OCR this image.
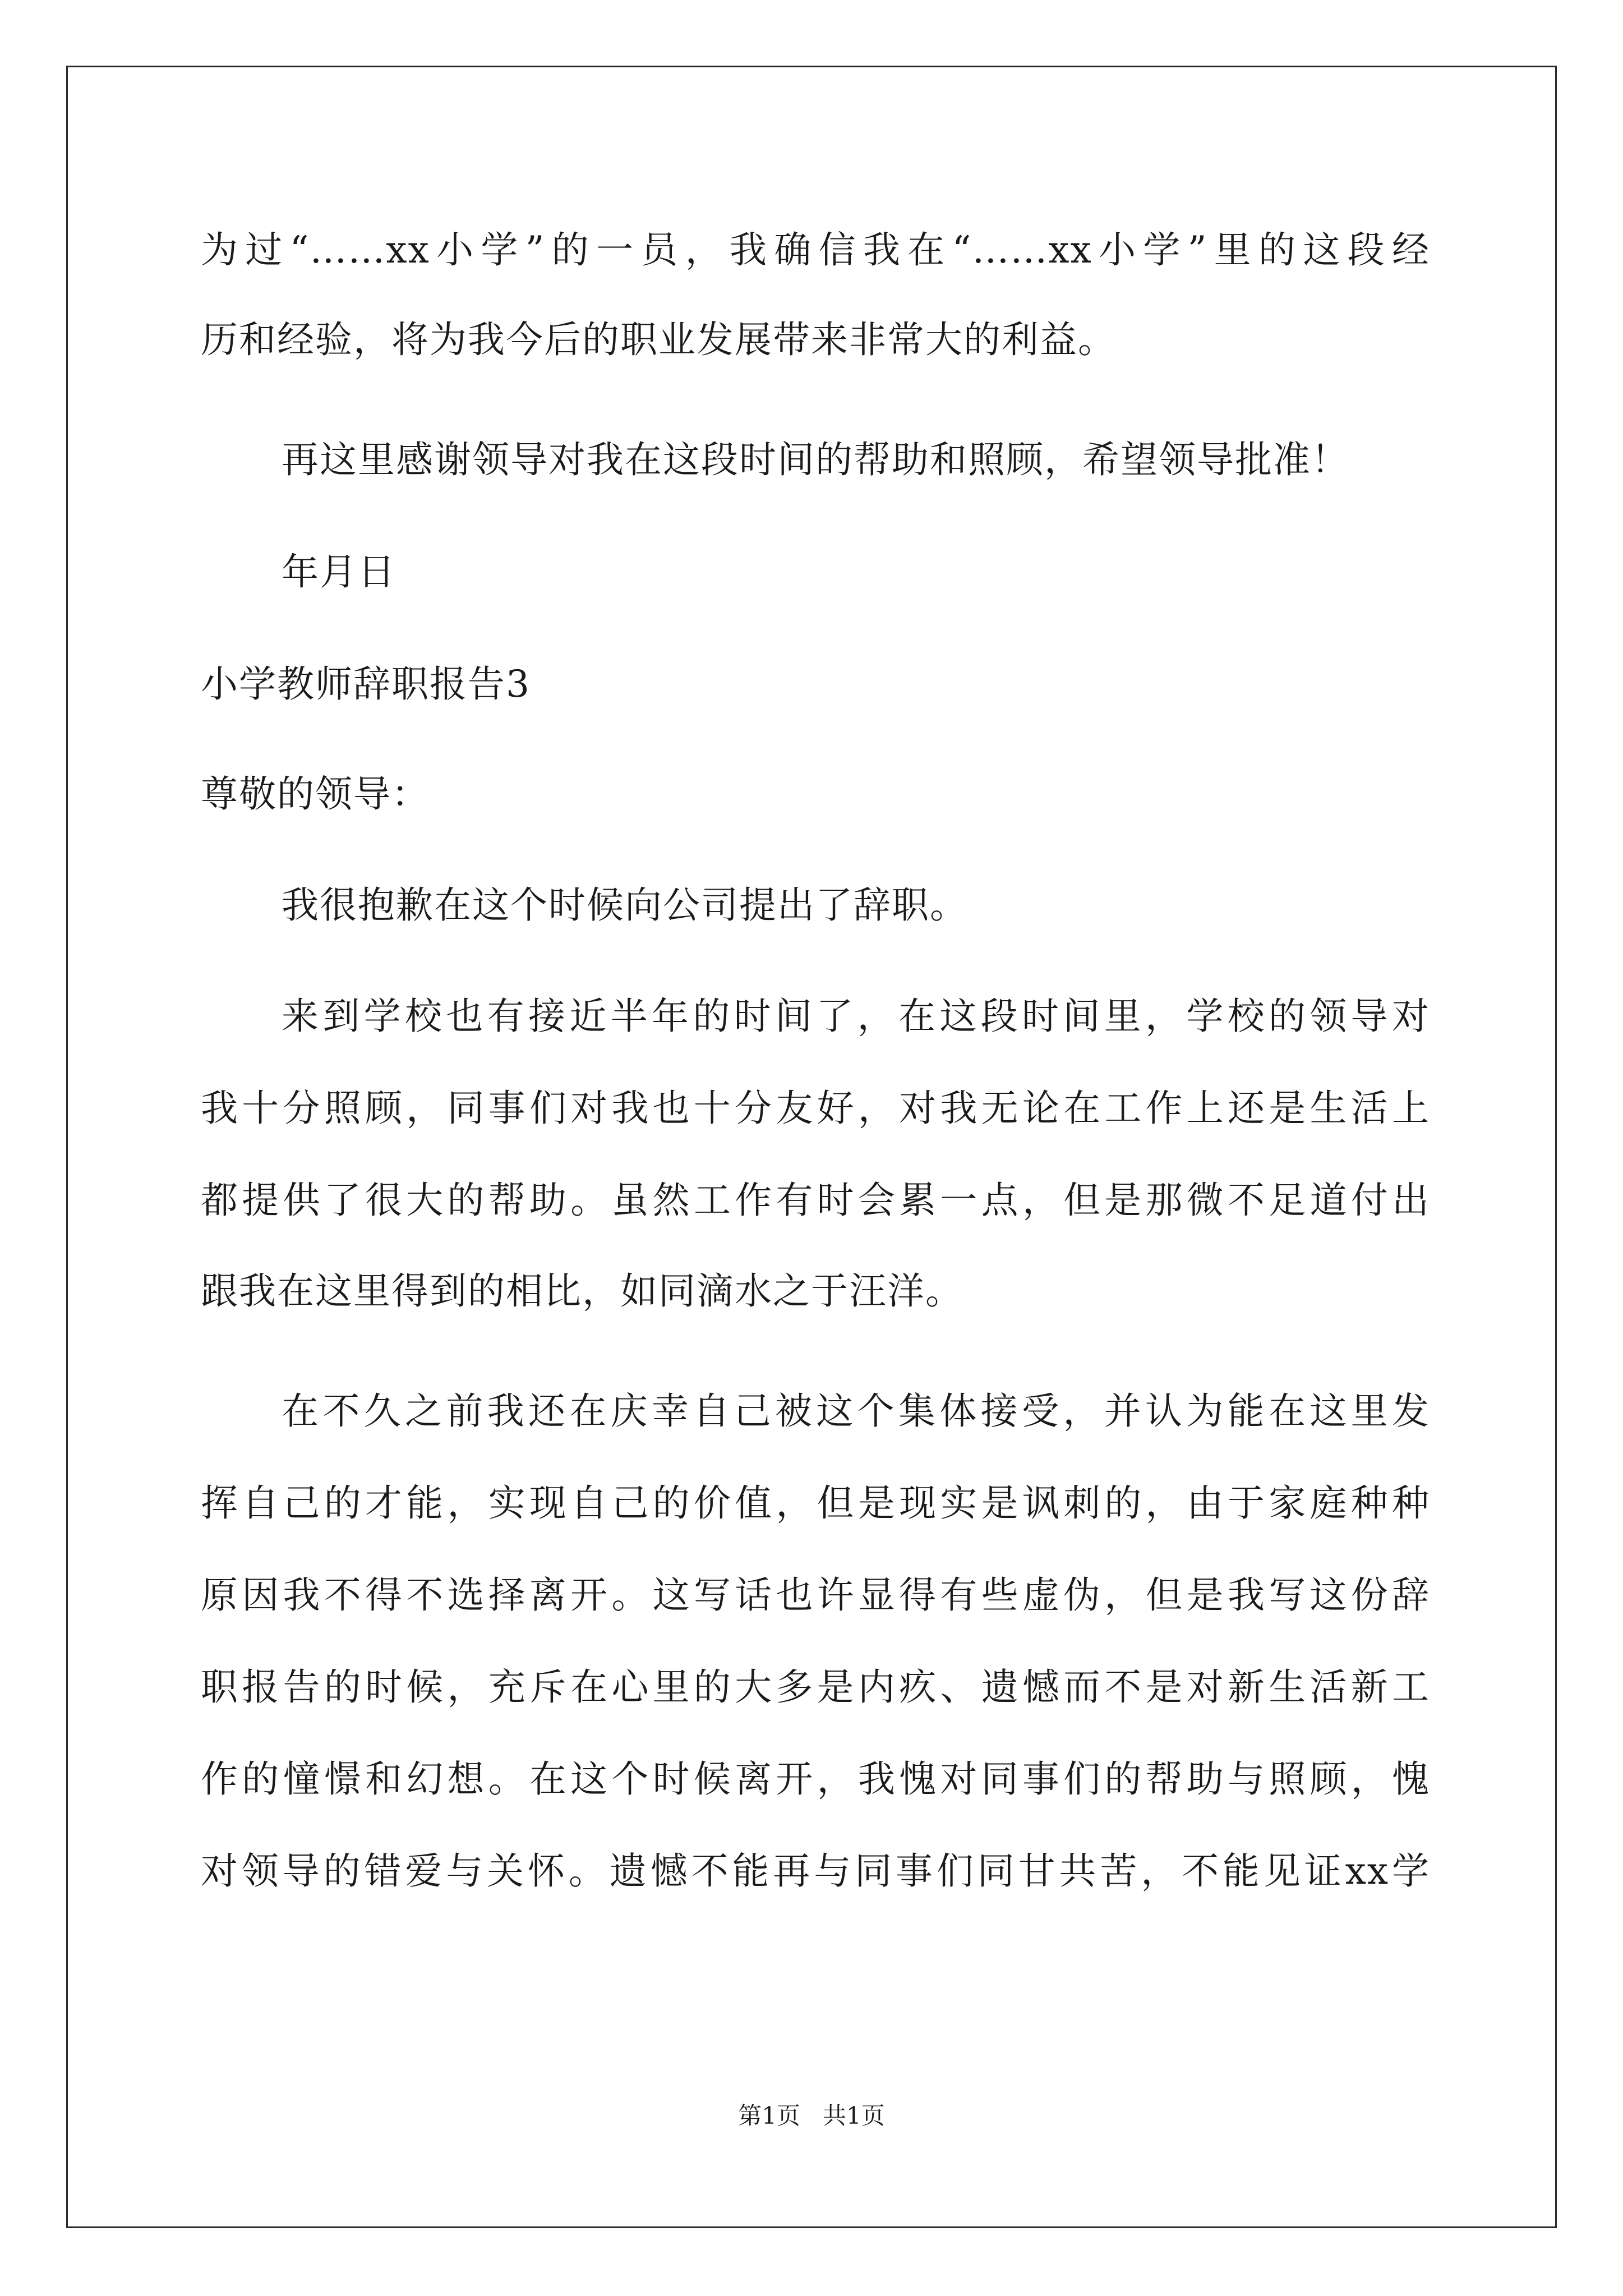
为过“……xx小学”的一员，我确信我在“……xx小学”里的这段经
历和经验，将为我今后的职业发展带来非常大的利益。
再这里感谢领导对我在这段时间的帮助和照顾，希望领导批准！
年月日
小学教师辞职报告3
尊敬的领导：
我很抱歉在这个时候向公司提出了辞职。
来到学校也有接近半年的时间了，在这段时间里，学校的领导对
我十分照顾，同事们对我也十分友好，对我无论在工作上还是生活上
都提供了很大的帮助。虽然工作有时会累一点，但是那微不足道付出
跟我在这里得到的相比，如同滴水之于汪洋。
在不久之前我还在庆幸自己被这个集体接受，并认为能在这里发
挥自己的才能，实现自己的价值，但是现实是讽刺的，由于家庭种种
原因我不得不选择离开。这写话也许显得有些虚伪，但是我写这份辞
职报告的时候，充斥在心里的大多是内疚、遗憾而不是对新生活新工
作的憧憬和幻想。在这个时候离开，我愧对同事们的帮助与照顾，愧
对领导的错爱与关怀。遗憾不能再与同事们同甘共苦，不能见证xx学
第1页   共1页
